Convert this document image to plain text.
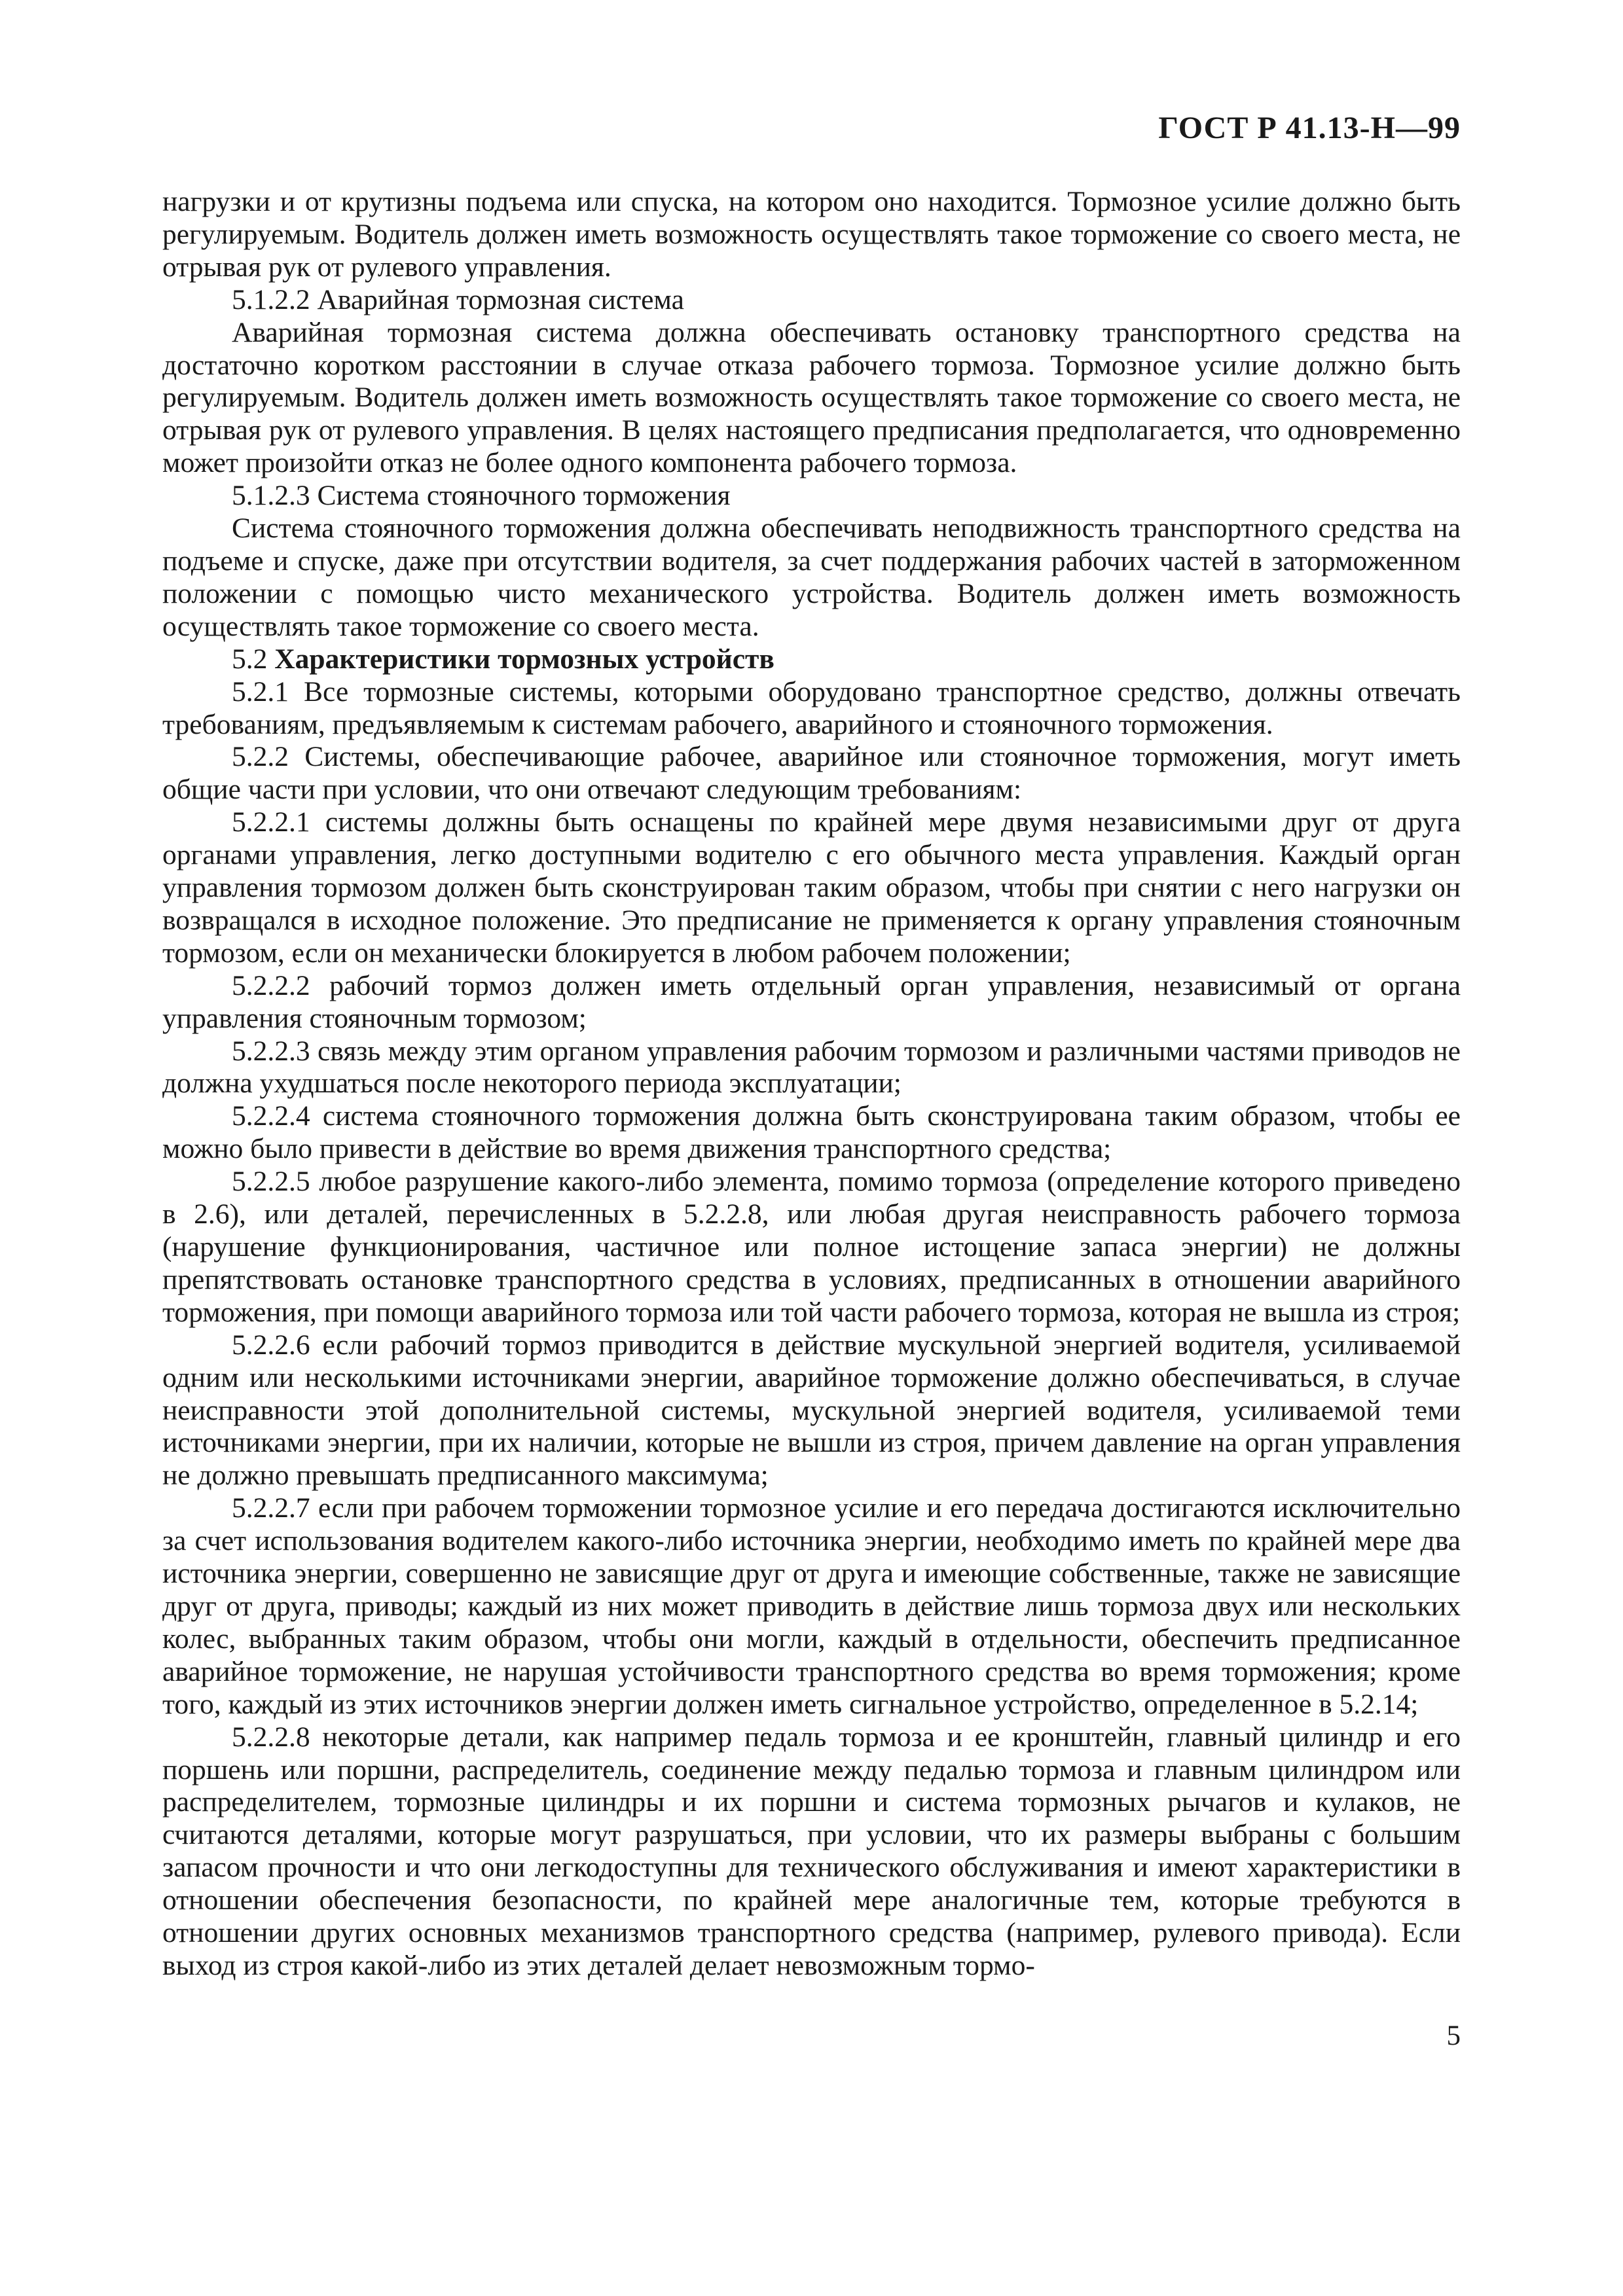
ГОСТ Р 41.13-Н—99

нагрузки и от крутизны подъема или спуска, на котором оно находится. Тормозное усилие должно быть регулируемым. Водитель должен иметь возможность осуществлять такое торможение со своего места, не отрывая рук от рулевого управления.

5.1.2.2 Аварийная тормозная система

Аварийная тормозная система должна обеспечивать остановку транспортного средства на достаточно коротком расстоянии в случае отказа рабочего тормоза. Тормозное усилие должно быть регулируемым. Водитель должен иметь возможность осуществлять такое торможение со своего места, не отрывая рук от рулевого управления. В целях настоящего предписания предполагается, что одновременно может произойти отказ не более одного компонента рабочего тормоза.

5.1.2.3 Система стояночного торможения

Система стояночного торможения должна обеспечивать неподвижность транспортного средства на подъеме и спуске, даже при отсутствии водителя, за счет поддержания рабочих частей в заторможенном положении с помощью чисто механического устройства. Водитель должен иметь возможность осуществлять такое торможение со своего места.

5.2 Характеристики тормозных устройств

5.2.1 Все тормозные системы, которыми оборудовано транспортное средство, должны отвечать требованиям, предъявляемым к системам рабочего, аварийного и стояночного торможения.

5.2.2 Системы, обеспечивающие рабочее, аварийное или стояночное торможения, могут иметь общие части при условии, что они отвечают следующим требованиям:

5.2.2.1 системы должны быть оснащены по крайней мере двумя независимыми друг от друга органами управления, легко доступными водителю с его обычного места управления. Каждый орган управления тормозом должен быть сконструирован таким образом, чтобы при снятии с него нагрузки он возвращался в исходное положение. Это предписание не применяется к органу управления стояночным тормозом, если он механически блокируется в любом рабочем положении;

5.2.2.2 рабочий тормоз должен иметь отдельный орган управления, независимый от органа управления стояночным тормозом;

5.2.2.3 связь между этим органом управления рабочим тормозом и различными частями приводов не должна ухудшаться после некоторого периода эксплуатации;

5.2.2.4 система стояночного торможения должна быть сконструирована таким образом, чтобы ее можно было привести в действие во время движения транспортного средства;

5.2.2.5 любое разрушение какого-либо элемента, помимо тормоза (определение которого приведено в 2.6), или деталей, перечисленных в 5.2.2.8, или любая другая неисправность рабочего тормоза (нарушение функционирования, частичное или полное истощение запаса энергии) не должны препятствовать остановке транспортного средства в условиях, предписанных в отношении аварийного торможения, при помощи аварийного тормоза или той части рабочего тормоза, которая не вышла из строя;

5.2.2.6 если рабочий тормоз приводится в действие мускульной энергией водителя, усиливаемой одним или несколькими источниками энергии, аварийное торможение должно обеспечиваться, в случае неисправности этой дополнительной системы, мускульной энергией водителя, усиливаемой теми источниками энергии, при их наличии, которые не вышли из строя, причем давление на орган управления не должно превышать предписанного максимума;

5.2.2.7 если при рабочем торможении тормозное усилие и его передача достигаются исключительно за счет использования водителем какого-либо источника энергии, необходимо иметь по крайней мере два источника энергии, совершенно не зависящие друг от друга и имеющие собственные, также не зависящие друг от друга, приводы; каждый из них может приводить в действие лишь тормоза двух или нескольких колес, выбранных таким образом, чтобы они могли, каждый в отдельности, обеспечить предписанное аварийное торможение, не нарушая устойчивости транспортного средства во время торможения; кроме того, каждый из этих источников энергии должен иметь сигнальное устройство, определенное в 5.2.14;

5.2.2.8 некоторые детали, как например педаль тормоза и ее кронштейн, главный цилиндр и его поршень или поршни, распределитель, соединение между педалью тормоза и главным цилиндром или распределителем, тормозные цилиндры и их поршни и система тормозных рычагов и кулаков, не считаются деталями, которые могут разрушаться, при условии, что их размеры выбраны с большим запасом прочности и что они легкодоступны для технического обслуживания и имеют характеристики в отношении обеспечения безопасности, по крайней мере аналогичные тем, которые требуются в отношении других основных механизмов транспортного средства (например, рулевого привода). Если выход из строя какой-либо из этих деталей делает невозможным тормо-

5
